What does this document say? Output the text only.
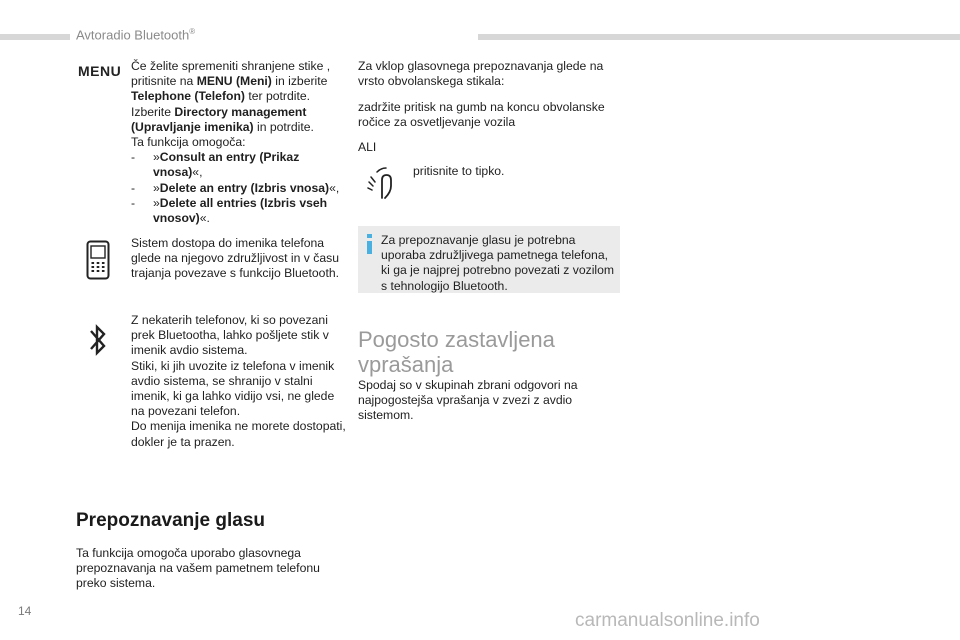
Avtoradio Bluetooth®
MENU Če želite spremeniti shranjene stike , pritisnite na MENU (Meni) in izberite Telephone (Telefon) ter potrdite.
Izberite Directory management (Upravljanje imenika) in potrdite.
Ta funkcija omogoča:

- »Consult an entry (Prikaz vnosa)«,
- »Delete an entry (Izbris vnosa)«,
- »Delete all entries (Izbris vseh vnosov)«.

Sistem dostopa do imenika telefona glede na njegovo združljivost in v času trajanja povezave s funkcijo Bluetooth.

Z nekaterih telefonov, ki so povezani prek Bluetootha, lahko pošljete stik v imenik avdio sistema.

Stiki, ki jih uvozite iz telefona v imenik avdio sistema, se shranijo v stalni imenik, ki ga lahko vidijo vsi, ne glede na povezani telefon.

Do menija imenika ne morete dostopati, dokler je ta prazen.

Prepoznavanje glasu

Ta funkcija omogoča uporabo glasovnega prepoznavanja na vašem pametnem telefonu preko sistema.

Za vklop glasovnega prepoznavanja glede na vrsto obvolanskega stikala:

zadržite pritisk na gumb na koncu obvolanske ročice za osvetljevanje vozila

ALI

pritisnite to tipko.

Za prepoznavanje glasu je potrebna uporaba združljivega pametnega telefona, ki ga je najprej potrebno povezati z vozilom s tehnologijo Bluetooth.

Pogosto zastavljena vprašanja

Spodaj so v skupinah zbrani odgovori na najpogostejša vprašanja v zvezi z avdio sistemom.

14	carmanualsonline.info
